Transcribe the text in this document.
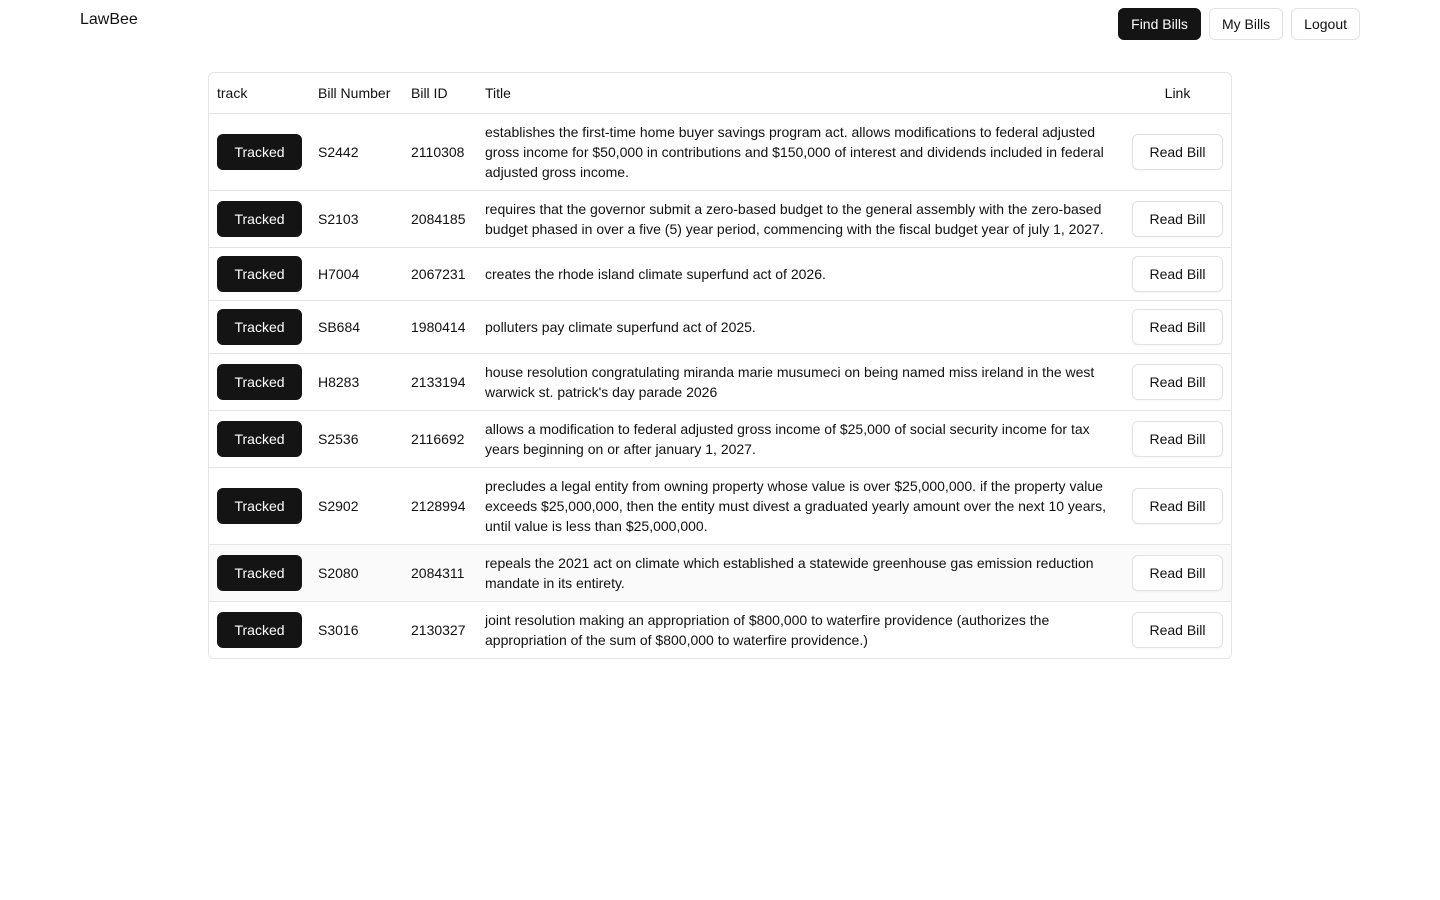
LawBee	Find Bills	My Bills	Logout
track	Bill Number	Bill ID	Title	Link
Tracked	S2442	2110308	establishes the first-time home buyer savings program act. allows modifications to federal adjusted gross income for $50,000 in contributions and $150,000 of interest and dividends included in federal adjusted gross income.	Read Bill
Tracked	S2103	2084185	requires that the governor submit a zero-based budget to the general assembly with the zero-based budget phased in over a five (5) year period, commencing with the fiscal budget year of july 1, 2027.	Read Bill
Tracked	H7004	2067231	creates the rhode island climate superfund act of 2026.	Read Bill
Tracked	SB684	1980414	polluters pay climate superfund act of 2025.	Read Bill
Tracked	H8283	2133194	house resolution congratulating miranda marie musumeci on being named miss ireland in the west warwick st. patrick's day parade 2026	Read Bill
Tracked	S2536	2116692	allows a modification to federal adjusted gross income of $25,000 of social security income for tax years beginning on or after january 1, 2027.	Read Bill
Tracked	S2902	2128994	precludes a legal entity from owning property whose value is over $25,000,000. if the property value exceeds $25,000,000, then the entity must divest a graduated yearly amount over the next 10 years, until value is less than $25,000,000.	Read Bill
Tracked	S2080	2084311	repeals the 2021 act on climate which established a statewide greenhouse gas emission reduction mandate in its entirety.	Read Bill
Tracked	S3016	2130327	joint resolution making an appropriation of $800,000 to waterfire providence (authorizes the appropriation of the sum of $800,000 to waterfire providence.)	Read Bill
